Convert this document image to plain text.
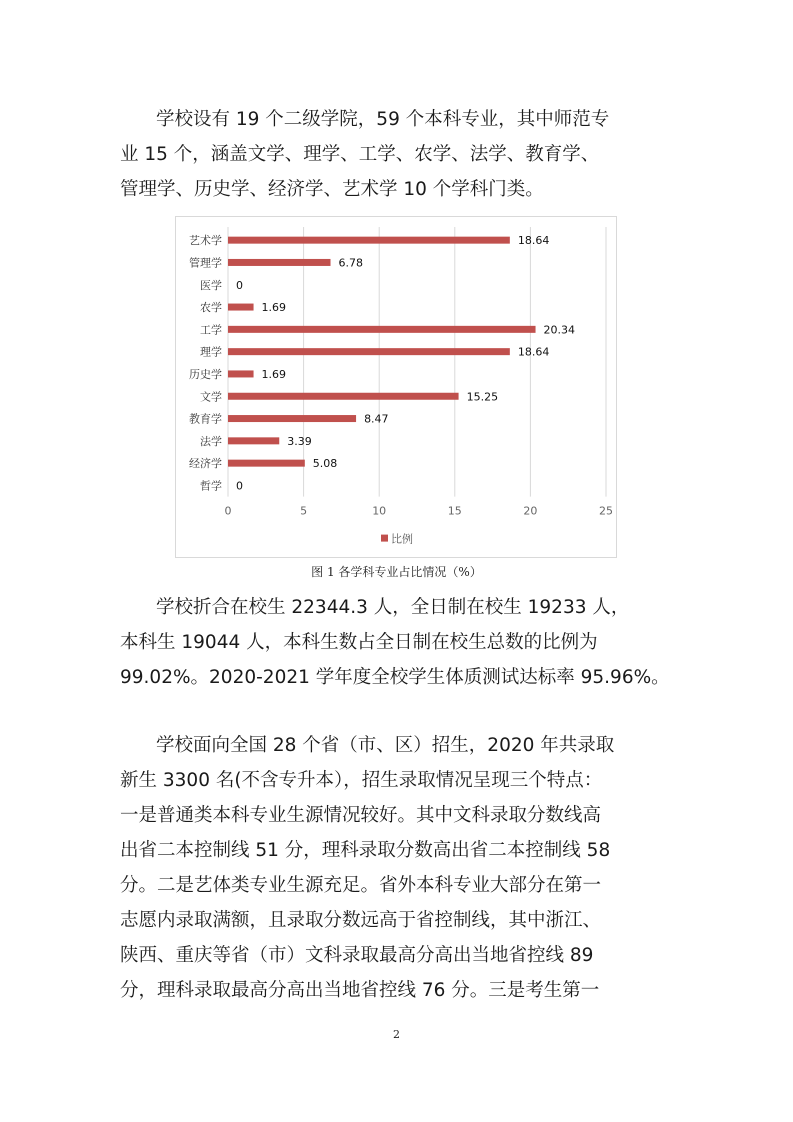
学校设有 19 个二级学院，59 个本科专业，其中师范专
业 15 个，涵盖文学、理学、工学、农学、法学、教育学、
管理学、历史学、经济学、艺术学 10 个学科门类。
0	5	10	15	20	25
艺术学	18.64
管理学	6.78
医学 0
农学	1.69
工学	20.34
理学	18.64
历史学	1.69
文学	15.25
教育学	8.47
法学	3.39
经济学	5.08
哲学 0
比例

图 1 各学科专业占比情况（%）

学校折合在校生 22344.3 人，全日制在校生 19233 人，
本科生 19044 人，本科生数占全日制在校生总数的比例为
99.02%。2020-2021 学年度全校学生体质测试达标率 95.96%。
学校面向全国 28 个省（市、区）招生，2020 年共录取
新生 3300 名(不含专升本），招生录取情况呈现三个特点：
一是普通类本科专业生源情况较好。其中文科录取分数线高
出省二本控制线 51 分，理科录取分数高出省二本控制线 58
分。二是艺体类专业生源充足。省外本科专业大部分在第一
志愿内录取满额，且录取分数远高于省控制线，其中浙江、
陕西、重庆等省（市）文科录取最高分高出当地省控线 89
分，理科录取最高分高出当地省控线 76 分。三是考生第一

2
